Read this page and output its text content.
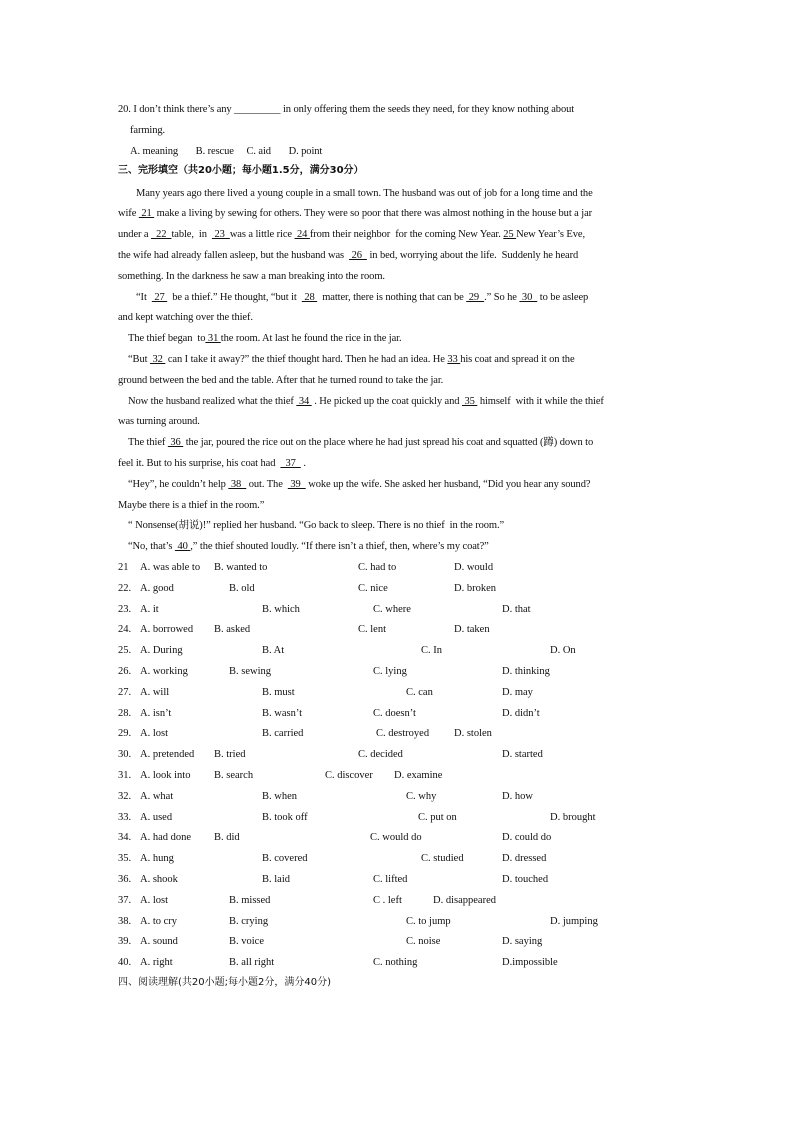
20. I don’t think there’s any _________ in only offering them the seeds they need, for they know nothing about
farming.
A. meaning       B. rescue     C. aid       D. point
三、完形填空（共20小题；每小题1.5分，满分30分）
Many years ago there lived a young couple in a small town. The husband was out of job for a long time and the
wife  21  make a living by sewing for others. They were so poor that there was almost nothing in the house but a jar
under a   22  table,  in   23  was a little rice  24 from their neighbor  for the coming New Year. 25 New Year’s Eve,
the wife had already fallen asleep, but the husband was   26   in bed, worrying about the life.  Suddenly he heard
something. In the darkness he saw a man breaking into the room.
“It   27   be a thief.” He thought, “but it   28   matter, there is nothing that can be  29  .” So he  30   to be asleep
and kept watching over the thief.
The thief began  to 31 the room. At last he found the rice in the jar.
“But  32  can I take it away?” the thief thought hard. Then he had an idea. He 33 his coat and spread it on the
ground between the bed and the table. After that he turned round to take the jar.
Now the husband realized what the thief  34  . He picked up the coat quickly and  35  himself  with it while the thief
was turning around.
The thief  36  the jar, poured the rice out on the place where he had just spread his coat and squatted (蹲) down to
feel it. But to his surprise, his coat had    37   .
“Hey”, he couldn’t help  38   out. The   39   woke up the wife. She asked her husband, “Did you hear any sound?
Maybe there is a thief in the room.”
“ Nonsense(胡说)!” replied her husband. “Go back to sleep. There is no thief  in the room.”
“No, that’s  40 ,” the thief shouted loudly. “If there isn’t a thief, then, where’s my coat?”
21 A. was able to B. wanted to	C. had to	D. would
22. A. good	B. old	C. nice	D. broken
23. A. it	B. which	C. where	D. that
24. A. borrowed B. asked	C. lent	D. taken
25. A. During	B. At	C. In	D. On
26. A. working	B. sewing	C. lying	D. thinking
27. A. will	B. must	C. can	D. may
28. A. isn’t	B. wasn’t	C. doesn’t	D. didn’t
29. A. lost	B. carried	C. destroyed D. stolen
30. A. pretended B. tried	C. decided	D. started
31. A. look into B. search	C. discover D. examine
32. A. what	B. when	C. why	D. how
33. A. used	B. took off	C. put on	D. brought
34. A. had done B. did	C. would do	D. could do
35. A. hung	B. covered	C. studied	D. dressed
36. A. shook	B. laid	C. lifted	D. touched
37. A. lost	B. missed	C . left	D. disappeared
38. A. to cry	B. crying	C. to jump	D. jumping
39. A. sound	B. voice	C. noise	D. saying
40. A. right	B. all right	C. nothing	D.impossible
四、阅读理解(共20小题;每小题2分，满分40分)
